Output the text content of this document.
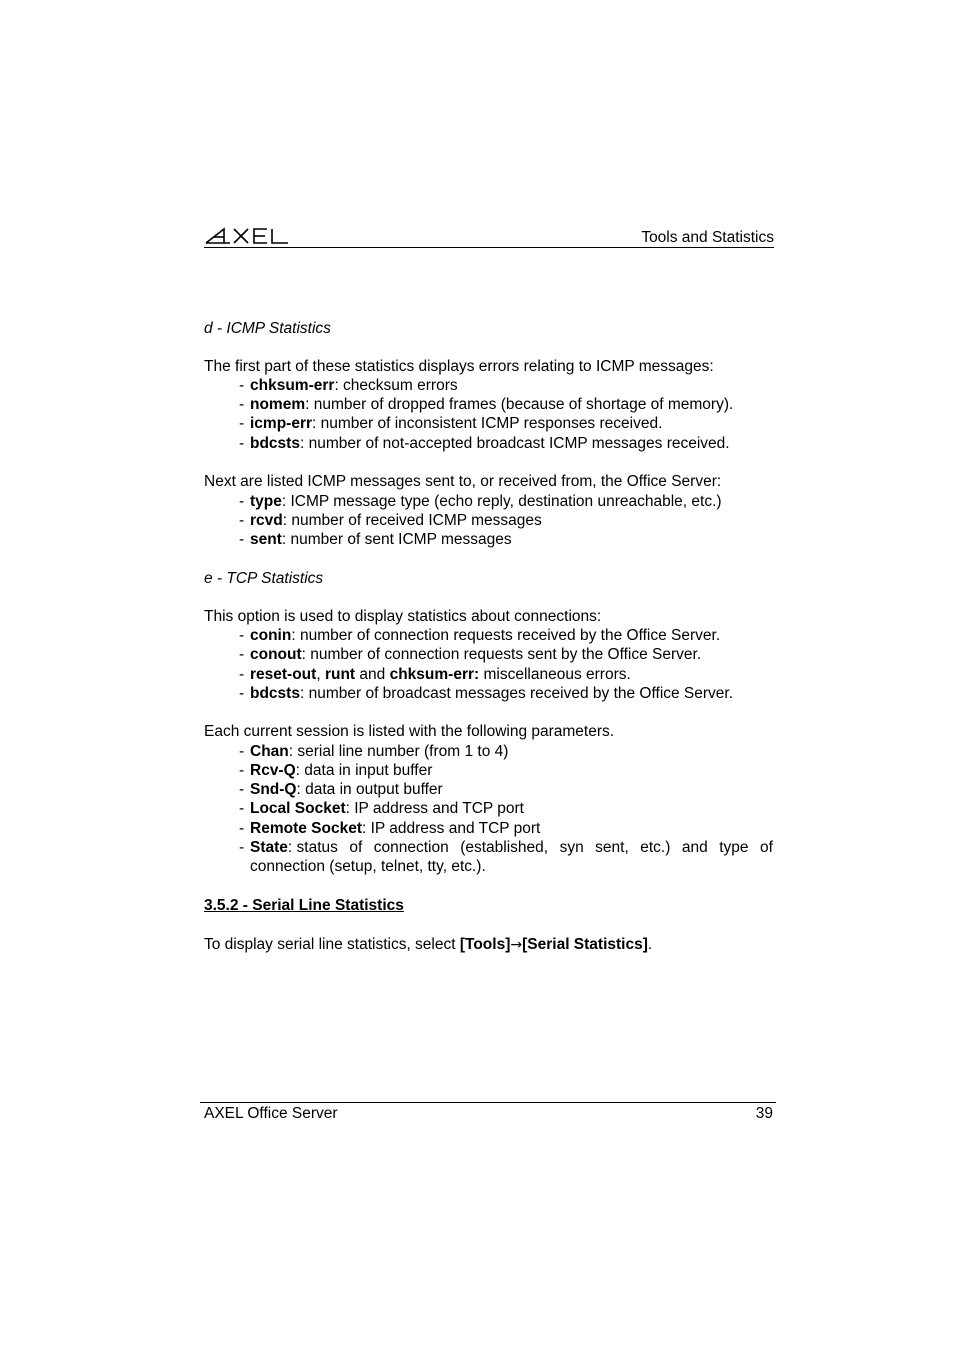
Tools and Statistics
d - ICMP Statistics
The first part of these statistics displays errors relating to ICMP messages:
- chksum-err: checksum errors
- nomem: number of dropped frames (because of shortage of memory).
- icmp-err: number of inconsistent ICMP responses received.
- bdcsts: number of not-accepted broadcast ICMP messages received.
Next are listed ICMP messages sent to, or received from, the Office Server:
- type: ICMP message type (echo reply, destination unreachable, etc.)
- rcvd: number of received ICMP messages
- sent: number of sent ICMP messages
e - TCP Statistics
This option is used to display statistics about connections:
- conin: number of connection requests received by the Office Server.
- conout: number of connection requests sent by the Office Server.
- reset-out, runt and chksum-err: miscellaneous errors.
- bdcsts: number of broadcast messages received by the Office Server.
Each current session is listed with the following parameters.
- Chan: serial line number (from 1 to 4)
- Rcv-Q: data in input buffer
- Snd-Q: data in output buffer
- Local Socket: IP address and TCP port
- Remote Socket: IP address and TCP port
- State: status of connection (established, syn sent, etc.) and type of
connection (setup, telnet, tty, etc.).
3.5.2 - Serial Line Statistics
To display serial line statistics, select [Tools]→[Serial Statistics].
AXEL Office Server	39
